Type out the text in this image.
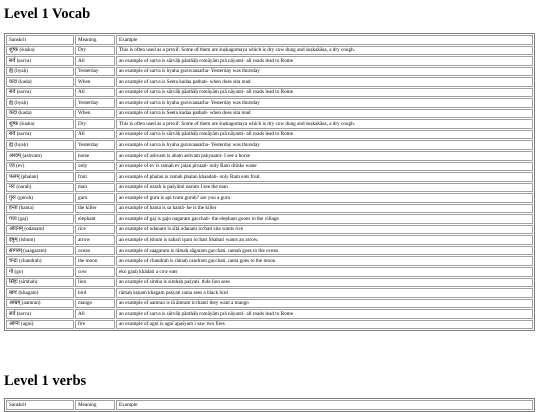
Level 1 Vocab
Sanskrit	Meaning	Example
शुष्क (śuṣka)	Dry	This is often used as a prexif. Some of them are śuṣkagomaya which is dry cow dung and śuṣkakāsa, a dry cough.
सर्व (sarva)	All	an example of sarva is sārvāḥ pānthāḥ romāyām prā nāyanti- all roads lead to Rome
ह्य (hyaḥ)	Yesterday	an example of sarva is hyaha guruvaasarha- Yesterday was thursday
कदा (kada)	When	an example of sarva is Seeta kadaa pathati- when does sita read
सर्व (sarva)	All	an example of sarva is sārvāḥ pānthāḥ romāyām prā nāyanti- all roads lead to Rome
ह्य (hyaḥ)	Yesterday	an example of sarva is hyaha guruvaasarha- Yesterday was thursday
कदा (kada)	When	an example of sarva is Seeta kadaa pathati- when does sita read
शुष्क (śuṣka)	Dry	This is often used as a prexif. Some of them are śuṣkagomaya which is dry cow dung and śuṣkakāsa, a dry cough.
सर्व (sarva)	All	an example of sarva is sārvāḥ pānthāḥ romāyām prā nāyanti- all roads lead to Rome
ह्य (hyaḥ)	Yesterday	an example of sarva is hyaha guruvaasarha- Yesterday was thursday
अश्वम् (ashvam)	horse	an example of ashvam is aham ashvam pshyaami- I see a horse
एव (ev)	only	an example of ev is ramah ev jalan pivaati- only Ram drinks water
फलम् (phalan)	fruit	an example of phalan is ramah phalan khaadati- only Ram eats fruit.
नरः (narah)	man	an example of narah is paśyāmi narum I see the man
गुरुः (guruh)	guru	an example of guru is api tvam guruḥ? are you a guru
हन्ता (hanta)	the killer	an example of hanta is sa hantā- he is the killer
गजः (gaj)	elephant	an example of gaj is gajo nagaram gacchati- the elephant gooes to the village
ओदनम् (odanam)	rice	an example of odanam is sītā odanam icchati sita wants rice
इषुम् (ishum)	arrow	an example of ishum is śabarī işum icchati Shabari wants an arrow.
सागरम् (saagaram)	ocean	an example of saagaram is rāmaḥ sāgaram gacchati. ramah goes to the ocean
चन्द्रः (chandrah)	the moon	an example of chandrah is rāmaḥ candram gacchati. rama goes to the moon
गो (go)	cow	eko gauḥ khādati a cow eats
सिंहः (simhah)	lion	an example of simha is simhaḥ paśyati. th4e lion sees
खगः (khagam)	bird	rāmaḥ kṣṇam khagam paśyati rama sees a black bird
आम्रम् (aamran)	mango	an example of aamran is tā āmram icchanti they want a mango
सर्व (sarva)	All	an example of sarva is sārvāḥ pānthāḥ romāyām prā nāyanti- all roads lead to Rome
अग्निः (agni)	fire	an example of agni is agnī apaśyam i saw two fires
Level 1 verbs
Sanskrit	Meaning	Example
